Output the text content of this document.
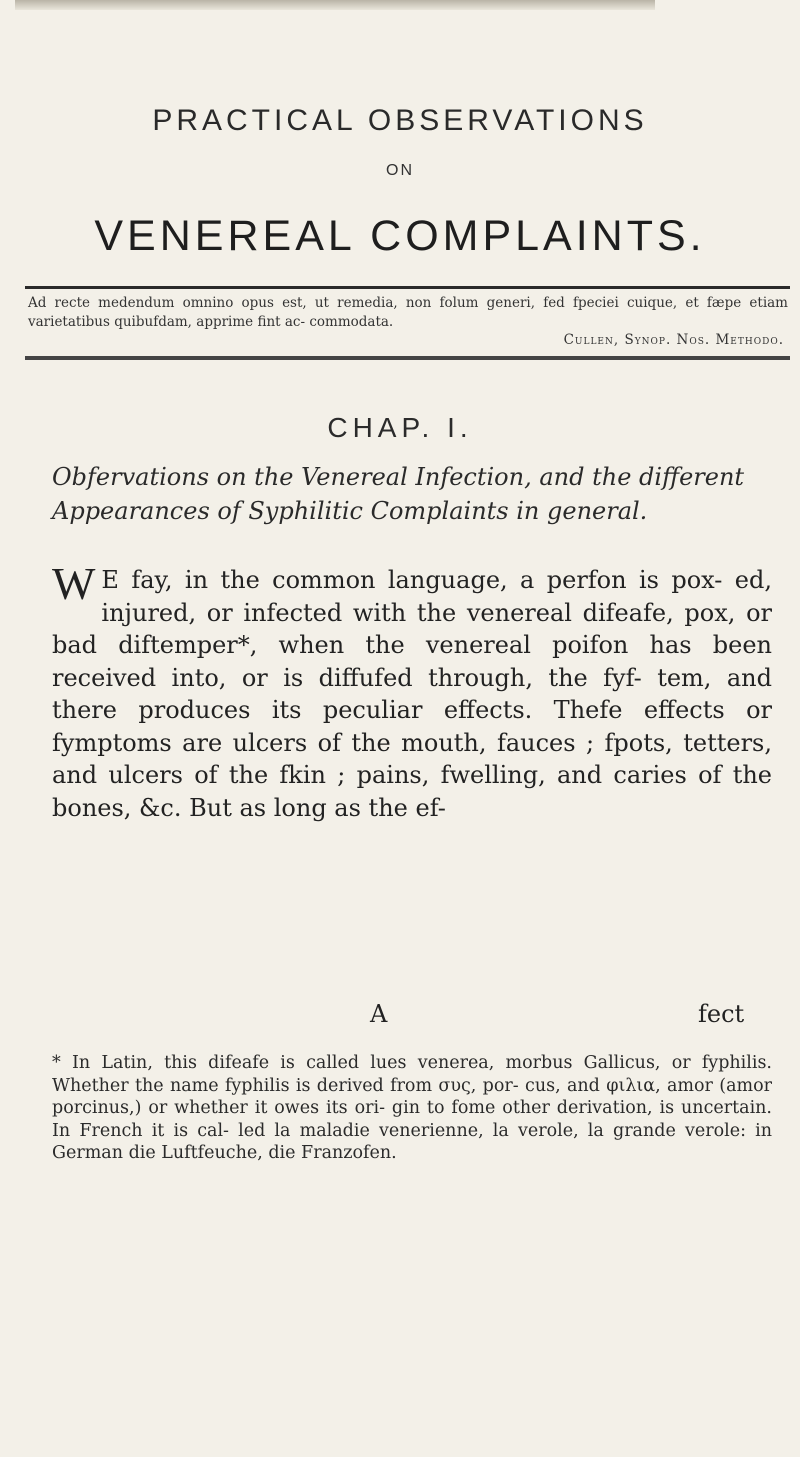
PRACTICAL OBSERVATIONS
ON
VENEREAL COMPLAINTS.
Ad recte medendum omnino opus est, ut remedia, non folum generi, fed fpeciei cuique, et fæpe etiam varietatibus quibufdam, apprime fint ac- commodata.
Cullen, Synop. Nos. Methodo.
CHAP. I.
Obfervations on the Venereal Infection, and the different Appearances of Syphilitic Complaints in general.
W E fay, in the common language, a perfon is pox- ed, injured, or infected with the venereal difeafe, pox, or bad diftemper*, when the venereal poifon has been received into, or is diffufed through, the fyf- tem, and there produces its peculiar effects. Thefe effects or fymptoms are ulcers of the mouth, fauces ; fpots, tetters, and ulcers of the fkin ; pains, fwelling, and caries of the bones, &c. But as long as the ef-
A	fect
* In Latin, this difeafe is called lues venerea, morbus Gallicus, or fyphilis. Whether the name fyphilis is derived from συς, por- cus, and φιλια, amor (amor porcinus,) or whether it owes its ori- gin to fome other derivation, is uncertain. In French it is cal- led la maladie venerienne, la verole, la grande verole: in German die Luftfeuche, die Franzofen.
